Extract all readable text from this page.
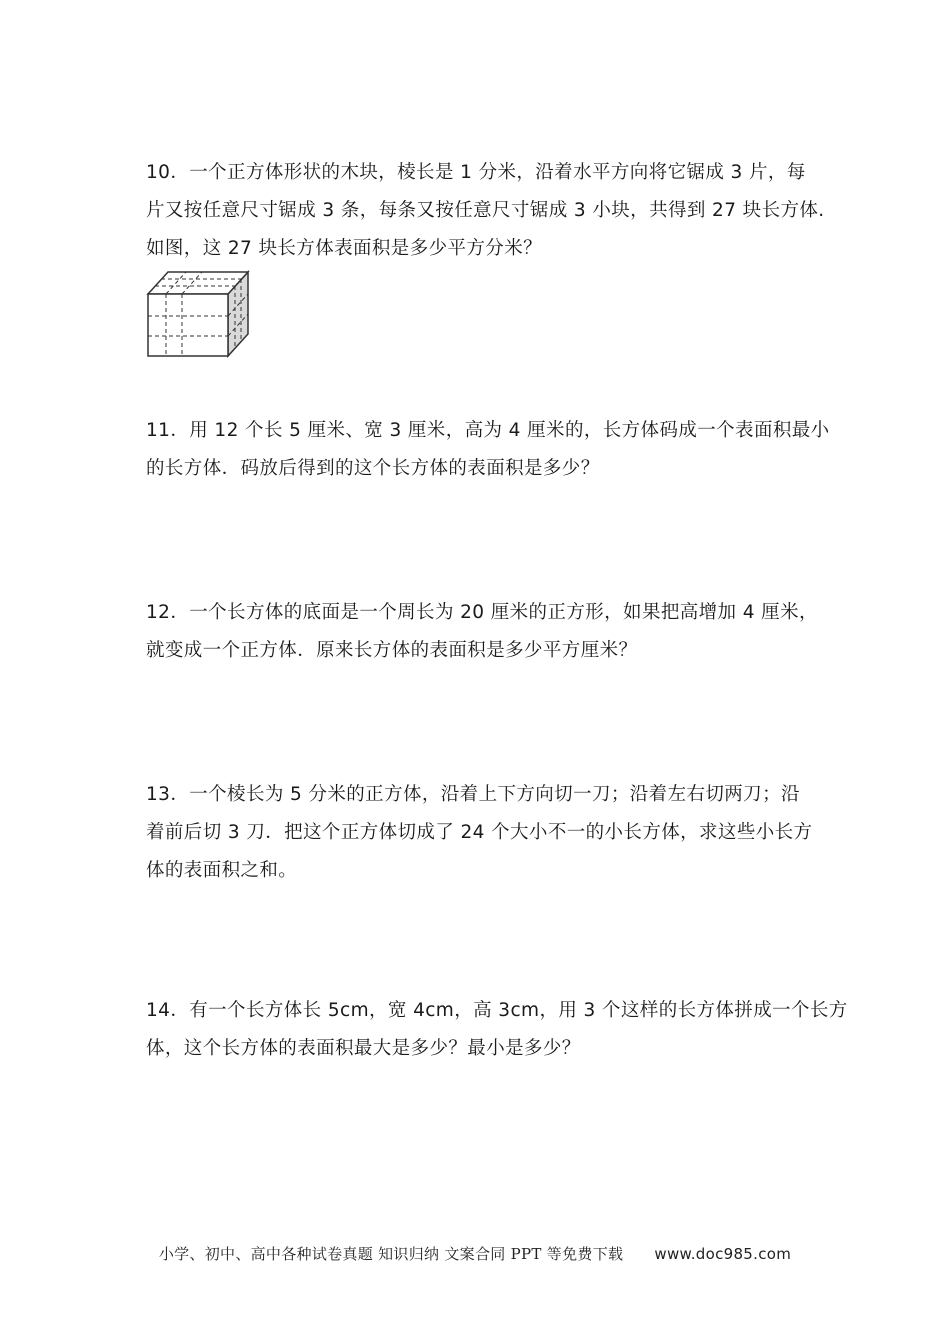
10．一个正方体形状的木块，棱长是 1 分米，沿着水平方向将它锯成 3 片，每
片又按任意尺寸锯成 3 条，每条又按任意尺寸锯成 3 小块，共得到 27 块长方体.
如图，这 27 块长方体表面积是多少平方分米？
11．用 12 个长 5 厘米、宽 3 厘米，高为 4 厘米的，长方体码成一个表面积最小
的长方体．码放后得到的这个长方体的表面积是多少？
12．一个长方体的底面是一个周长为 20 厘米的正方形，如果把高增加 4 厘米，
就变成一个正方体．原来长方体的表面积是多少平方厘米？
13．一个棱长为 5 分米的正方体，沿着上下方向切一刀；沿着左右切两刀；沿
着前后切 3 刀．把这个正方体切成了 24 个大小不一的小长方体，求这些小长方
体的表面积之和。
14．有一个长方体长 5cm，宽 4cm，高 3cm，用 3 个这样的长方体拼成一个长方
体，这个长方体的表面积最大是多少？最小是多少？
小学、初中、高中各种试卷真题 知识归纳 文案合同 PPT 等免费下载 www.doc985.com
